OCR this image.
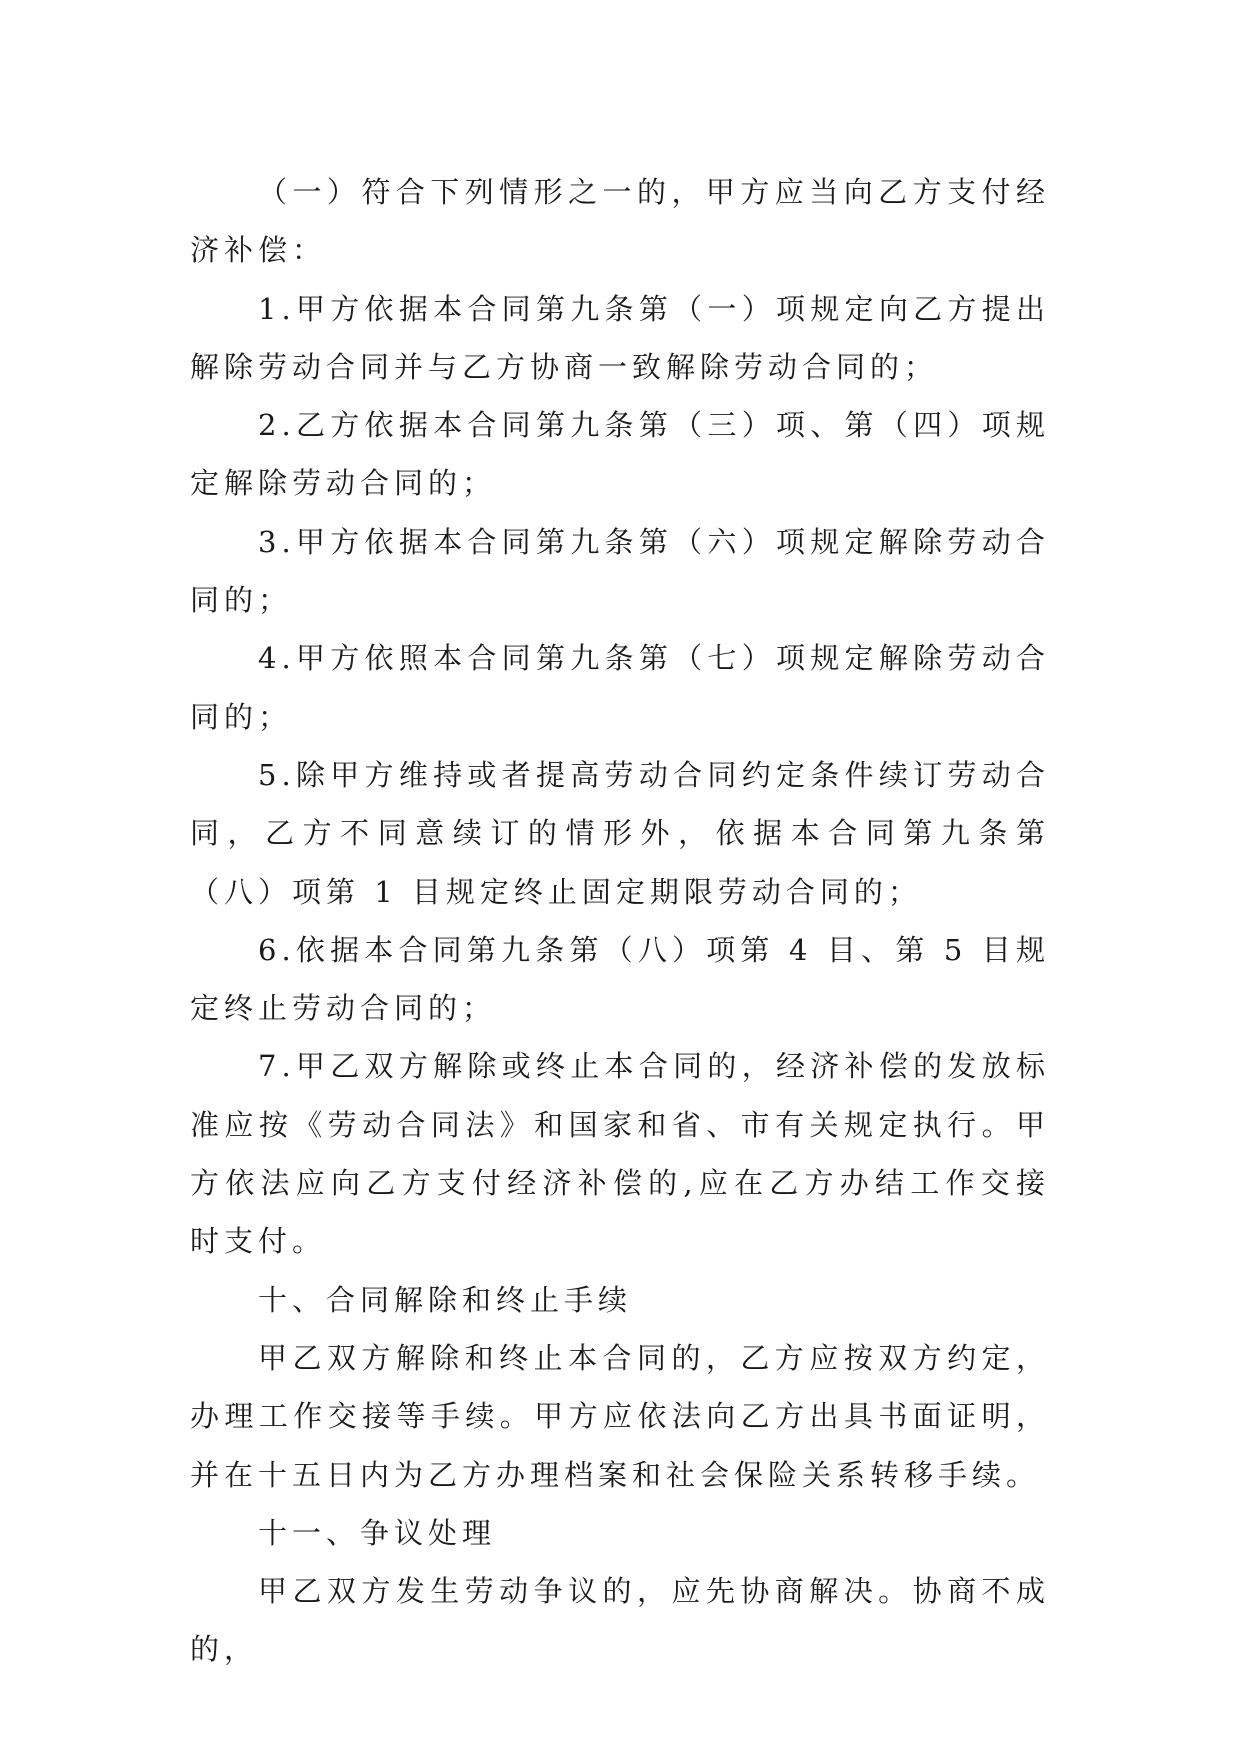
（一）符合下列情形之一的，甲方应当向乙方支付经济补偿：

1.甲方依据本合同第九条第（一）项规定向乙方提出解除劳动合同并与乙方协商一致解除劳动合同的；

2.乙方依据本合同第九条第（三）项、第（四）项规定解除劳动合同的；

3.甲方依据本合同第九条第（六）项规定解除劳动合同的；

4.甲方依照本合同第九条第（七）项规定解除劳动合同的；

5.除甲方维持或者提高劳动合同约定条件续订劳动合同，乙方不同意续订的情形外，依据本合同第九条第（八）项第 1 目规定终止固定期限劳动合同的；

6.依据本合同第九条第（八）项第 4 目、第 5 目规定终止劳动合同的；

7.甲乙双方解除或终止本合同的，经济补偿的发放标准应按《劳动合同法》和国家和省、市有关规定执行。甲方依法应向乙方支付经济补偿的,应在乙方办结工作交接时支付。

十、合同解除和终止手续

甲乙双方解除和终止本合同的，乙方应按双方约定，办理工作交接等手续。甲方应依法向乙方出具书面证明，并在十五日内为乙方办理档案和社会保险关系转移手续。

十一、争议处理

甲乙双方发生劳动争议的，应先协商解决。协商不成的，
